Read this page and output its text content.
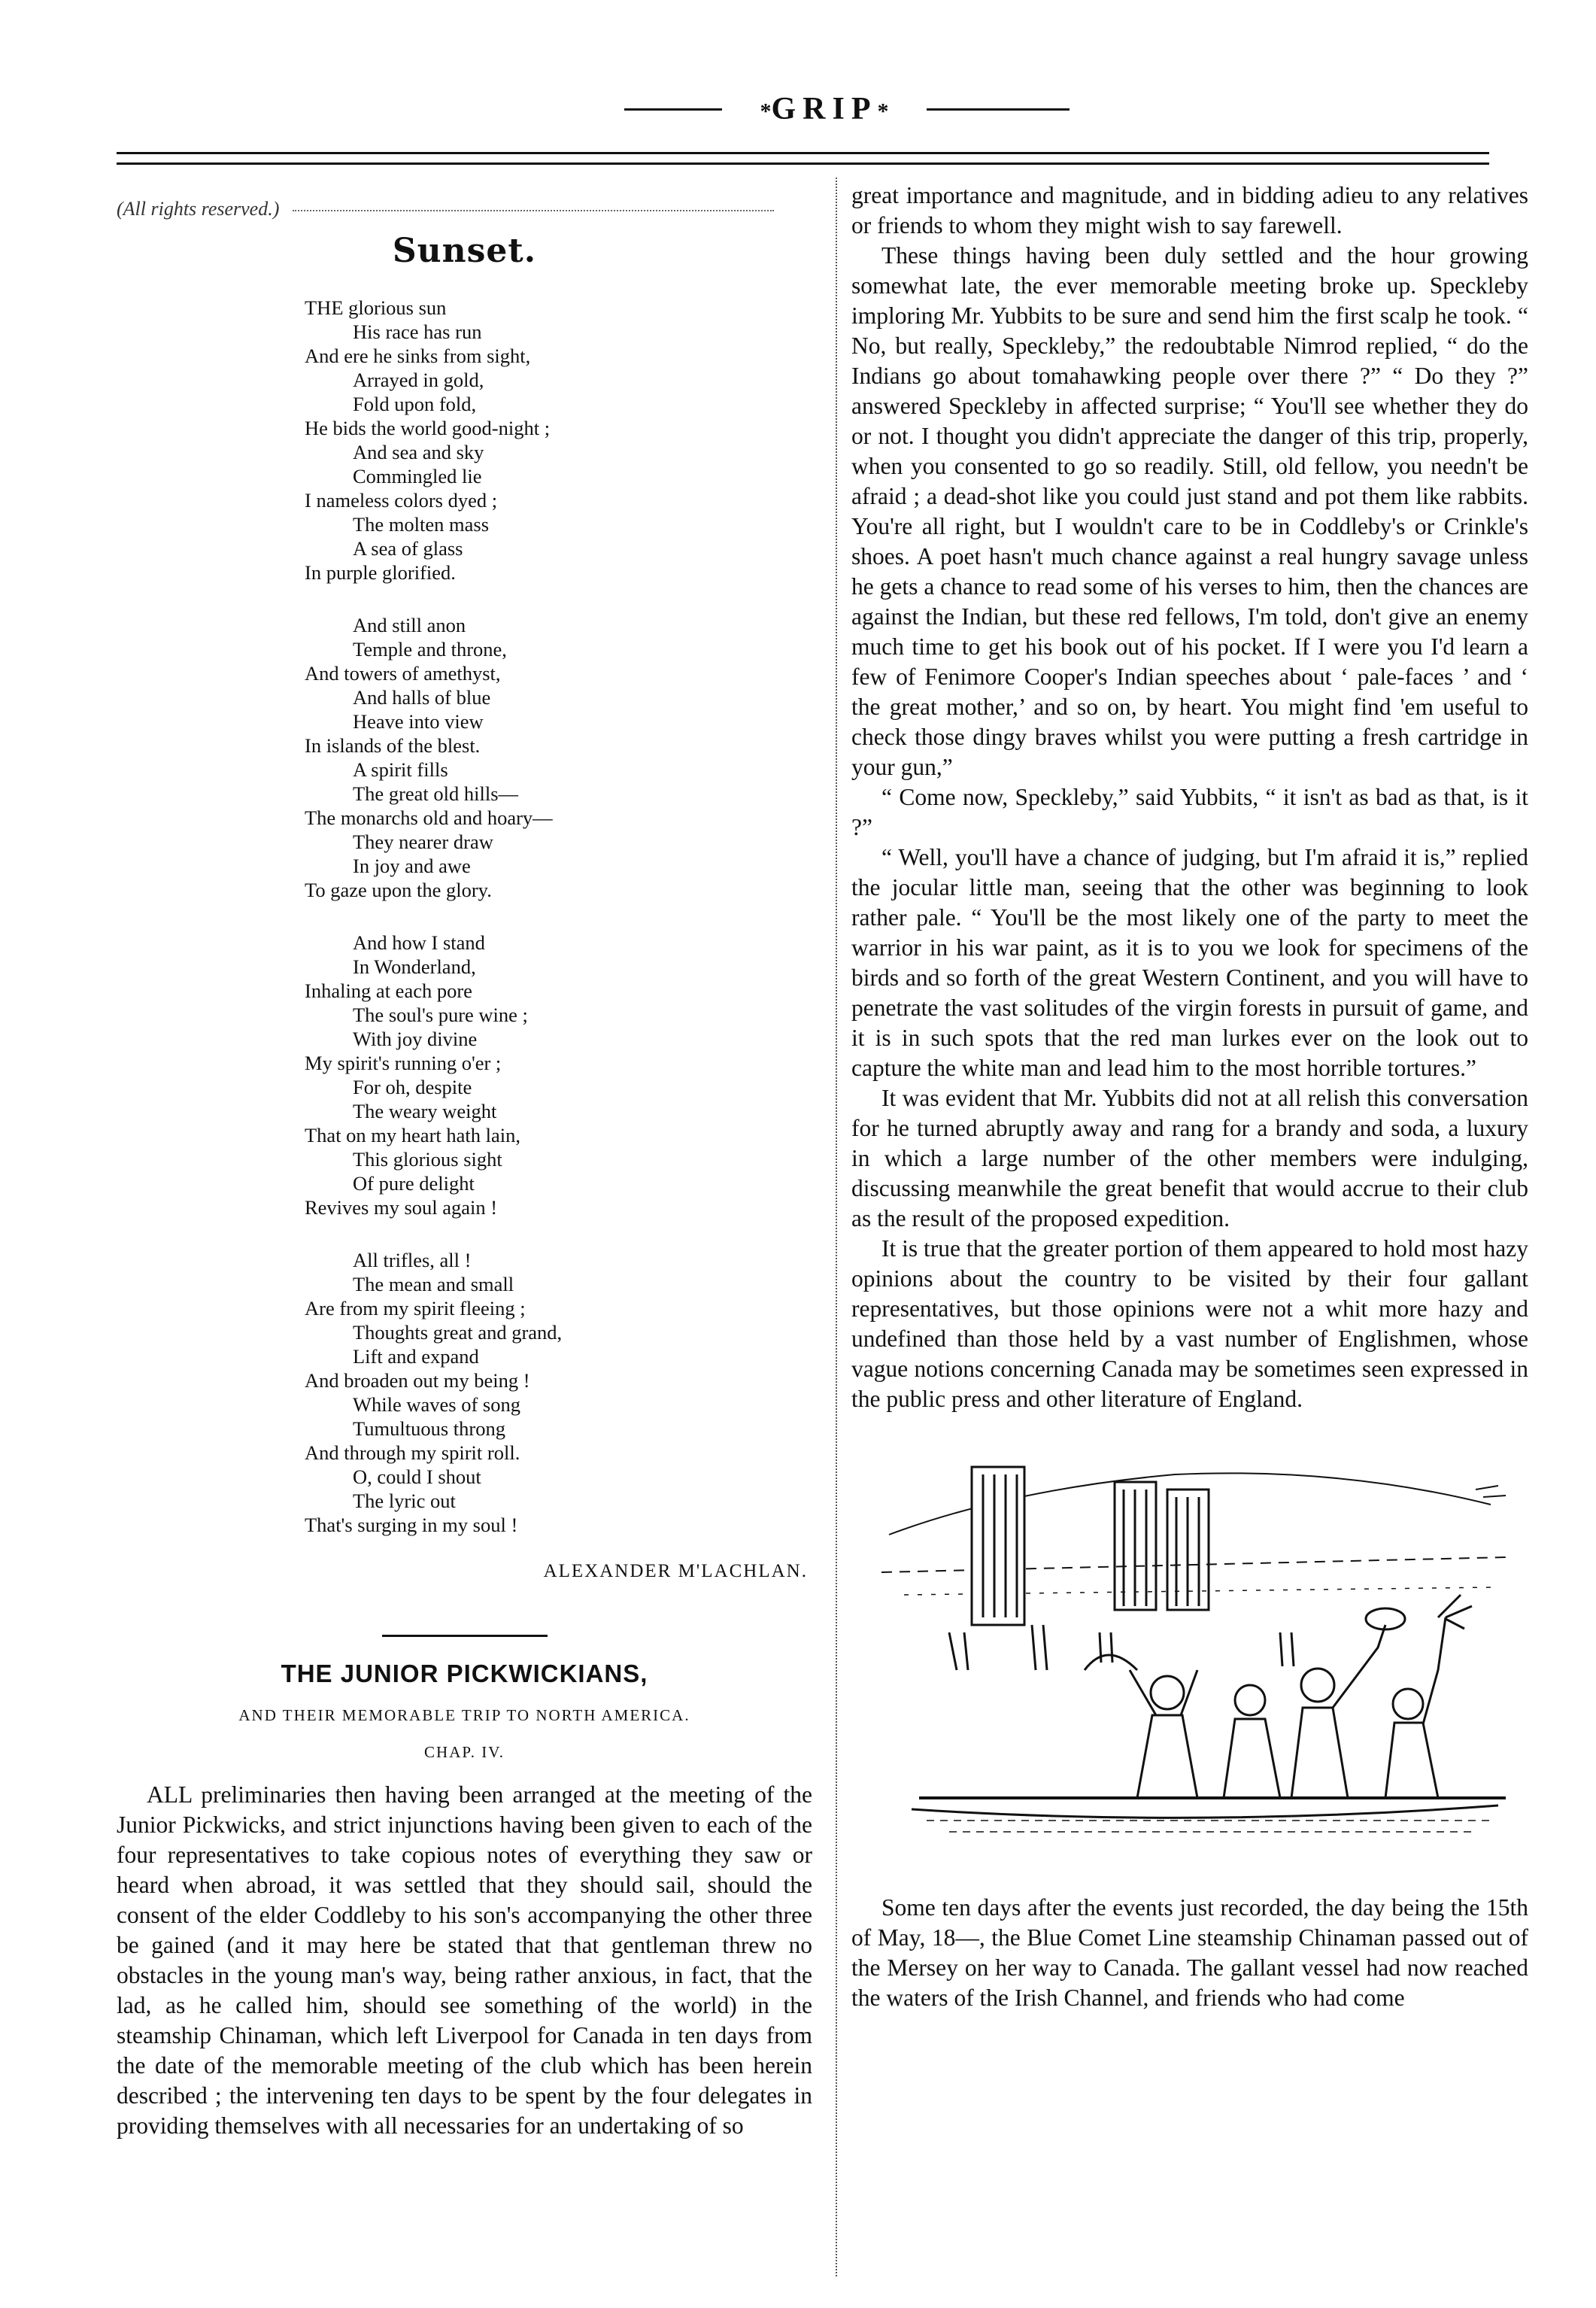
*GRIP*
(All rights reserved.)
Sunset.
THE glorious sun
His race has run
And ere he sinks from sight,
Arrayed in gold,
Fold upon fold,
He bids the world good-night ;
And sea and sky
Commingled lie
I nameless colors dyed ;
The molten mass
A sea of glass
In purple glorified.
And still anon
Temple and throne,
And towers of amethyst,
And halls of blue
Heave into view
In islands of the blest.
A spirit fills
The great old hills—
The monarchs old and hoary—
They nearer draw
In joy and awe
To gaze upon the glory.
And how I stand
In Wonderland,
Inhaling at each pore
The soul's pure wine ;
With joy divine
My spirit's running o'er ;
For oh, despite
The weary weight
That on my heart hath lain,
This glorious sight
Of pure delight
Revives my soul again !
All trifles, all !
The mean and small
Are from my spirit fleeing ;
Thoughts great and grand,
Lift and expand
And broaden out my being !
While waves of song
Tumultuous throng
And through my spirit roll.
O, could I shout
The lyric out
That's surging in my soul !
ALEXANDER M'LACHLAN.
THE JUNIOR PICKWICKIANS,
AND THEIR MEMORABLE TRIP TO NORTH AMERICA.
CHAP. IV.

ALL preliminaries then having been arranged at the meeting of the Junior Pickwicks, and strict injunctions having been given to each of the four representatives to take copious notes of everything they saw or heard when abroad, it was settled that they should sail, should the consent of the elder Coddleby to his son's accompanying the other three be gained (and it may here be stated that that gentleman threw no obstacles in the young man's way, being rather anxious, in fact, that the lad, as he called him, should see something of the world) in the steamship Chinaman, which left Liverpool for Canada in ten days from the date of the memorable meeting of the club which has been herein described ; the intervening ten days to be spent by the four delegates in providing themselves with all necessaries for an undertaking of so

great importance and magnitude, and in bidding adieu to any relatives or friends to whom they might wish to say farewell.

These things having been duly settled and the hour growing somewhat late, the ever memorable meeting broke up. Speckleby imploring Mr. Yubbits to be sure and send him the first scalp he took. “ No, but really, Speckleby,” the redoubtable Nimrod replied, “ do the Indians go about tomahawking people over there ?” “ Do they ?” answered Speckleby in affected surprise; “ You'll see whether they do or not. I thought you didn't appreciate the danger of this trip, properly, when you consented to go so readily. Still, old fellow, you needn't be afraid ; a dead-shot like you could just stand and pot them like rabbits. You're all right, but I wouldn't care to be in Coddleby's or Crinkle's shoes. A poet hasn't much chance against a real hungry savage unless he gets a chance to read some of his verses to him, then the chances are against the Indian, but these red fellows, I'm told, don't give an enemy much time to get his book out of his pocket. If I were you I'd learn a few of Fenimore Cooper's Indian speeches about ‘ pale-faces ’ and ‘ the great mother,’ and so on, by heart. You might find 'em useful to check those dingy braves whilst you were putting a fresh cartridge in your gun,”

“ Come now, Speckleby,” said Yubbits, “ it isn't as bad as that, is it ?”

“ Well, you'll have a chance of judging, but I'm afraid it is,” replied the jocular little man, seeing that the other was beginning to look rather pale. “ You'll be the most likely one of the party to meet the warrior in his war paint, as it is to you we look for specimens of the birds and so forth of the great Western Continent, and you will have to penetrate the vast solitudes of the virgin forests in pursuit of game, and it is in such spots that the red man lurkes ever on the look out to capture the white man and lead him to the most horrible tortures.”

It was evident that Mr. Yubbits did not at all relish this conversation for he turned abruptly away and rang for a brandy and soda, a luxury in which a large number of the other members were indulging, discussing meanwhile the great benefit that would accrue to their club as the result of the proposed expedition.

It is true that the greater portion of them appeared to hold most hazy opinions about the country to be visited by their four gallant representatives, but those opinions were not a whit more hazy and undefined than those held by a vast number of Englishmen, whose vague notions concerning Canada may be sometimes seen expressed in the public press and other literature of England.

Some ten days after the events just recorded, the day being the 15th of May, 18—, the Blue Comet Line steamship Chinaman passed out of the Mersey on her way to Canada. The gallant vessel had now reached the waters of the Irish Channel, and friends who had come
